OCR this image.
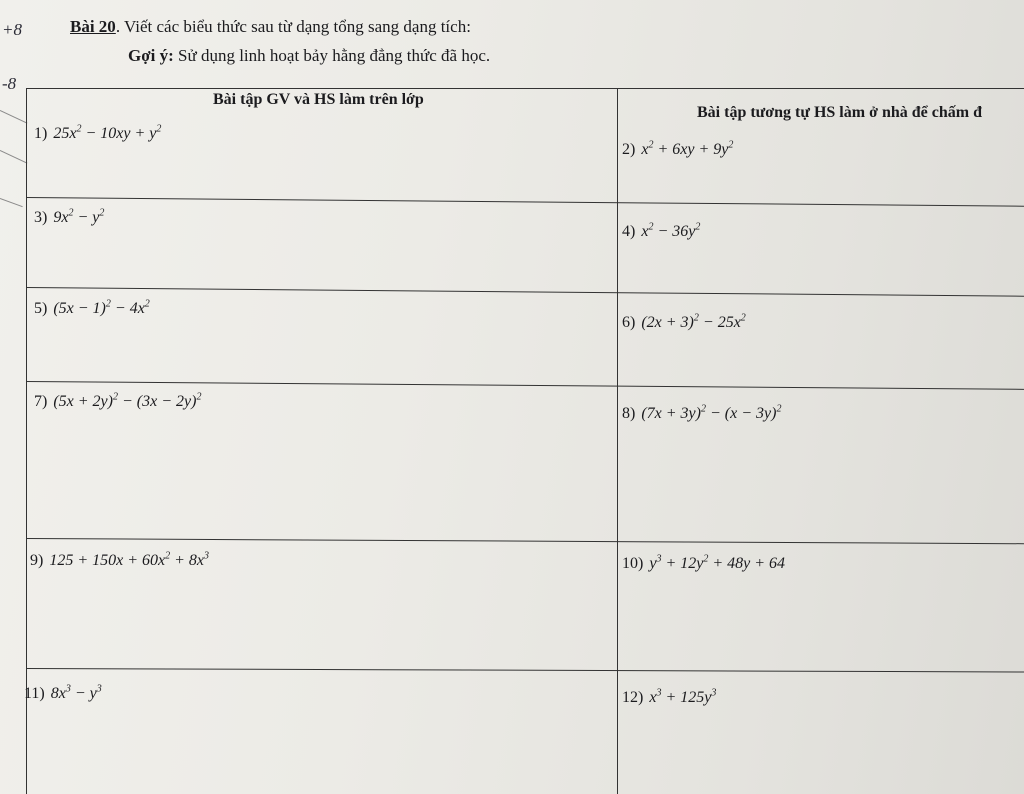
+8
-8
Bài 20. Viết các biểu thức sau từ dạng tổng sang dạng tích:
Gợi ý: Sử dụng linh hoạt bảy hằng đẳng thức đã học.
Bài tập GV và HS làm trên lớp
Bài tập tương tự HS làm ở nhà để chấm đ
1) $25x^2 - 10xy + y^2$
3) $9x^2 - y^2$
5) $(5x - 1)^2 - 4x^2$
7) $(5x + 2y)^2 - (3x - 2y)^2$
9) $125 + 150x + 60x^2 + 8x^3$
11) $8x^3 - y^3$
2) $x^2 + 6xy + 9y^2$
4) $x^2 - 36y^2$
6) $(2x + 3)^2 - 25x^2$
8) $(7x + 3y)^2 - (x - 3y)^2$
10) $y^3 + 12y^2 + 48y + 64$
12) $x^3 + 125y^3$
